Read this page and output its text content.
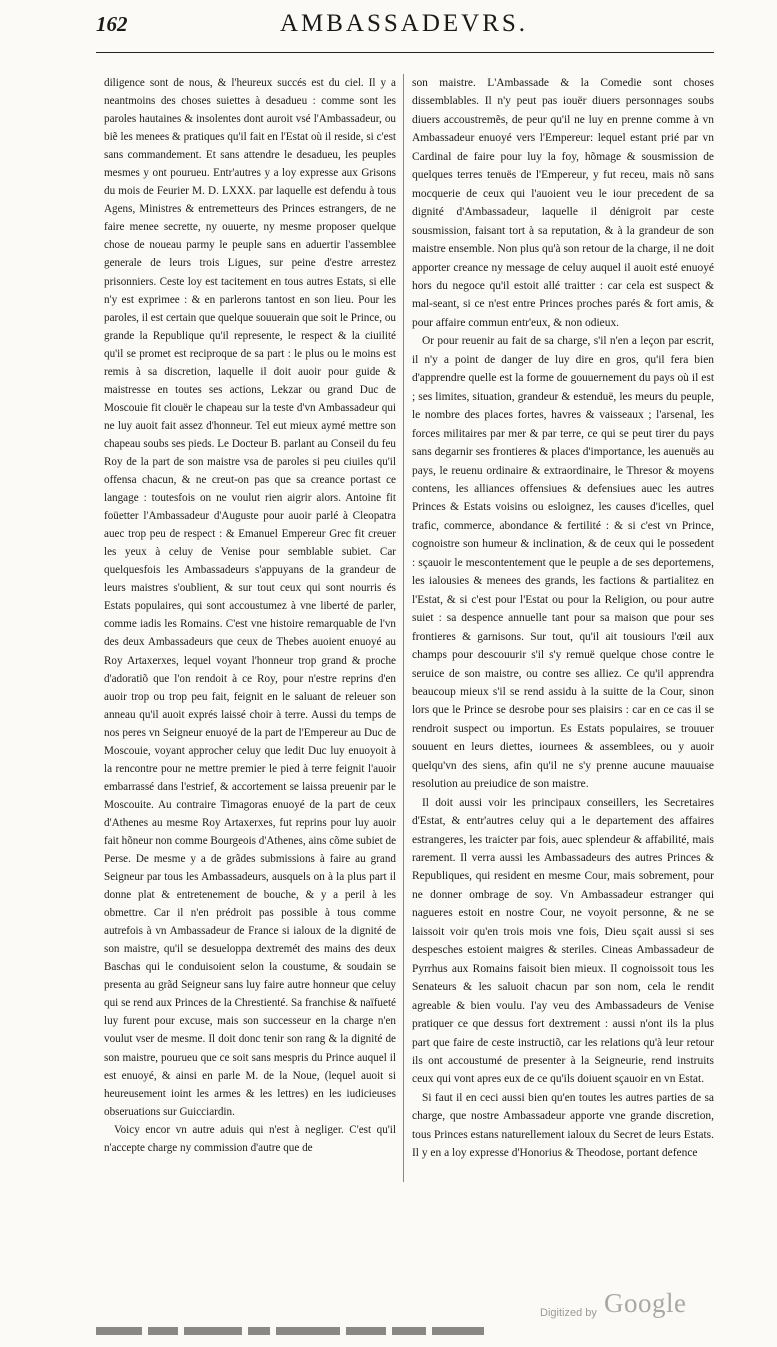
162	AMBASSADEVRS.

diligence sont de nous, & l'heureux succés est du ciel. Il y a neantmoins des choses suiettes à desadueu : comme sont les paroles hautaines & insolentes dont auroit vsé l'Ambassadeur, ou biẽ les menees & pratiques qu'il fait en l'Estat où il reside, si c'est sans commandement. Et sans attendre le desadueu, les peuples mesmes y ont pourueu. Entr'autres y a loy expresse aux Grisons du mois de Feurier M. D. LXXX. par laquelle est defendu à tous Agens, Ministres & entremetteurs des Princes estrangers, de ne faire menee secrette, ny ouuerte, ny mesme proposer quelque chose de noueau parmy le peuple sans en aduertir l'assemblee generale de leurs trois Ligues, sur peine d'estre arrestez prisonniers. Ceste loy est tacitement en tous autres Estats, si elle n'y est exprimee : & en parlerons tantost en son lieu. Pour les paroles, il est certain que quelque souuerain que soit le Prince, ou grande la Republique qu'il represente, le respect & la ciuilité qu'il se promet est reciproque de sa part : le plus ou le moins est remis à sa discretion, laquelle il doit auoir pour guide & maistresse en toutes ses actions, Lekzar ou grand Duc de Moscouie fit clouër le chapeau sur la teste d'vn Ambassadeur qui ne luy auoit fait assez d'honneur. Tel eut mieux aymé mettre son chapeau soubs ses pieds. Le Docteur B. parlant au Conseil du feu Roy de la part de son maistre vsa de paroles si peu ciuiles qu'il offensa chacun, & ne creut-on pas que sa creance portast ce langage : toutesfois on ne voulut rien aigrir alors. Antoine fit foüetter l'Ambassadeur d'Auguste pour auoir parlé à Cleopatra auec trop peu de respect : & Emanuel Empereur Grec fit creuer les yeux à celuy de Venise pour semblable subiet. Car quelquesfois les Ambassadeurs s'appuyans de la grandeur de leurs maistres s'oublient, & sur tout ceux qui sont nourris és Estats populaires, qui sont accoustumez à vne liberté de parler, comme iadis les Romains. C'est vne histoire remarquable de l'vn des deux Ambassadeurs que ceux de Thebes auoient enuoyé au Roy Artaxerxes, lequel voyant l'honneur trop grand & proche d'adoratiõ que l'on rendoit à ce Roy, pour n'estre reprins d'en auoir trop ou trop peu fait, feignit en le saluant de releuer son anneau qu'il auoit exprés laissé choir à terre. Aussi du temps de nos peres vn Seigneur enuoyé de la part de l'Empereur au Duc de Moscouie, voyant approcher celuy que ledit Duc luy enuoyoit à la rencontre pour ne mettre premier le pied à terre feignit l'auoir embarrassé dans l'estrief, & accortement se laissa preuenir par le Moscouite. Au contraire Timagoras enuoyé de la part de ceux d'Athenes au mesme Roy Artaxerxes, fut reprins pour luy auoir fait hõneur non comme Bourgeois d'Athenes, ains cõme subiet de Perse. De mesme y a de grãdes submissions à faire au grand Seigneur par tous les Ambassadeurs, ausquels on à la plus part il donne plat & entretenement de bouche, & y a peril à les obmettre. Car il n'en prédroit pas possible à tous comme autrefois à vn Ambassadeur de France si ialoux de la dignité de son maistre, qu'il se desueloppa dextremét des mains des deux Baschas qui le conduisoient selon la coustume, & soudain se presenta au grãd Seigneur sans luy faire autre honneur que celuy qui se rend aux Princes de la Chrestienté. Sa franchise & naïfueté luy furent pour excuse, mais son successeur en la charge n'en voulut vser de mesme. Il doit donc tenir son rang & la dignité de son maistre, pourueu que ce soit sans mespris du Prince auquel il est enuoyé, & ainsi en parle M. de la Noue, (lequel auoit si heureusement ioint les armes & les lettres) en les iudicieuses obseruations sur Guicciardin.

Voicy encor vn autre aduis qui n'est à negliger. C'est qu'il n'accepte charge ny commission d'autre que de

son maistre. L'Ambassade & la Comedie sont choses dissemblables. Il n'y peut pas iouër diuers personnages soubs diuers accoustremẽs, de peur qu'il ne luy en prenne comme à vn Ambassadeur enuoyé vers l'Empereur: lequel estant prié par vn Cardinal de faire pour luy la foy, hõmage & sousmission de quelques terres tenuës de l'Empereur, y fut receu, mais nõ sans mocquerie de ceux qui l'auoient veu le iour precedent de sa dignité d'Ambassadeur, laquelle il dénigroit par ceste sousmission, faisant tort à sa reputation, & à la grandeur de son maistre ensemble. Non plus qu'à son retour de la charge, il ne doit apporter creance ny message de celuy auquel il auoit esté enuoyé hors du negoce qu'il estoit allé traitter : car cela est suspect & mal-seant, si ce n'est entre Princes proches parés & fort amis, & pour affaire commun entr'eux, & non odieux.

Or pour reuenir au fait de sa charge, s'il n'en a leçon par escrit, il n'y a point de danger de luy dire en gros, qu'il fera bien d'apprendre quelle est la forme de gouuernement du pays où il est ; ses limites, situation, grandeur & estenduë, les meurs du peuple, le nombre des places fortes, havres & vaisseaux ; l'arsenal, les forces militaires par mer & par terre, ce qui se peut tirer du pays sans degarnir ses frontieres & places d'importance, les auenuës au pays, le reuenu ordinaire & extraordinaire, le Thresor & moyens contens, les alliances offensiues & defensiues auec les autres Princes & Estats voisins ou esloignez, les causes d'icelles, quel trafic, commerce, abondance & fertilité : & si c'est vn Prince, cognoistre son humeur & inclination, & de ceux qui le possedent : sçauoir le mescontentement que le peuple a de ses deportemens, les ialousies & menees des grands, les factions & partialitez en l'Estat, & si c'est pour l'Estat ou pour la Religion, ou pour autre suiet : sa despence annuelle tant pour sa maison que pour ses frontieres & garnisons. Sur tout, qu'il ait tousiours l'œil aux champs pour descouurir s'il s'y remuë quelque chose contre le seruice de son maistre, ou contre ses alliez. Ce qu'il apprendra beaucoup mieux s'il se rend assidu à la suitte de la Cour, sinon lors que le Prince se desrobe pour ses plaisirs : car en ce cas il se rendroit suspect ou importun. Es Estats populaires, se trouuer souuent en leurs diettes, iournees & assemblees, ou y auoir quelqu'vn des siens, afin qu'il ne s'y prenne aucune mauuaise resolution au preiudice de son maistre.

Il doit aussi voir les principaux conseillers, les Secretaires d'Estat, & entr'autres celuy qui a le departement des affaires estrangeres, les traicter par fois, auec splendeur & affabilité, mais rarement. Il verra aussi les Ambassadeurs des autres Princes & Republiques, qui resident en mesme Cour, mais sobrement, pour ne donner ombrage de soy. Vn Ambassadeur estranger qui nagueres estoit en nostre Cour, ne voyoit personne, & ne se laissoit voir qu'en trois mois vne fois, Dieu sçait aussi si ses despesches estoient maigres & steriles. Cineas Ambassadeur de Pyrrhus aux Romains faisoit bien mieux. Il cognoissoit tous les Senateurs & les saluoit chacun par son nom, cela le rendit agreable & bien voulu. I'ay veu des Ambassadeurs de Venise pratiquer ce que dessus fort dextrement : aussi n'ont ils la plus part que faire de ceste instructiõ, car les relations qu'à leur retour ils ont accoustumé de presenter à la Seigneurie, rend instruits ceux qui vont apres eux de ce qu'ils doiuent sçauoir en vn Estat.

Si faut il en ceci aussi bien qu'en toutes les autres parties de sa charge, que nostre Ambassadeur apporte vne grande discretion, tous Princes estans naturellement ialoux du Secret de leurs Estats. Il y en a loy expresse d'Honorius & Theodose, portant defence

Digitized by Google
